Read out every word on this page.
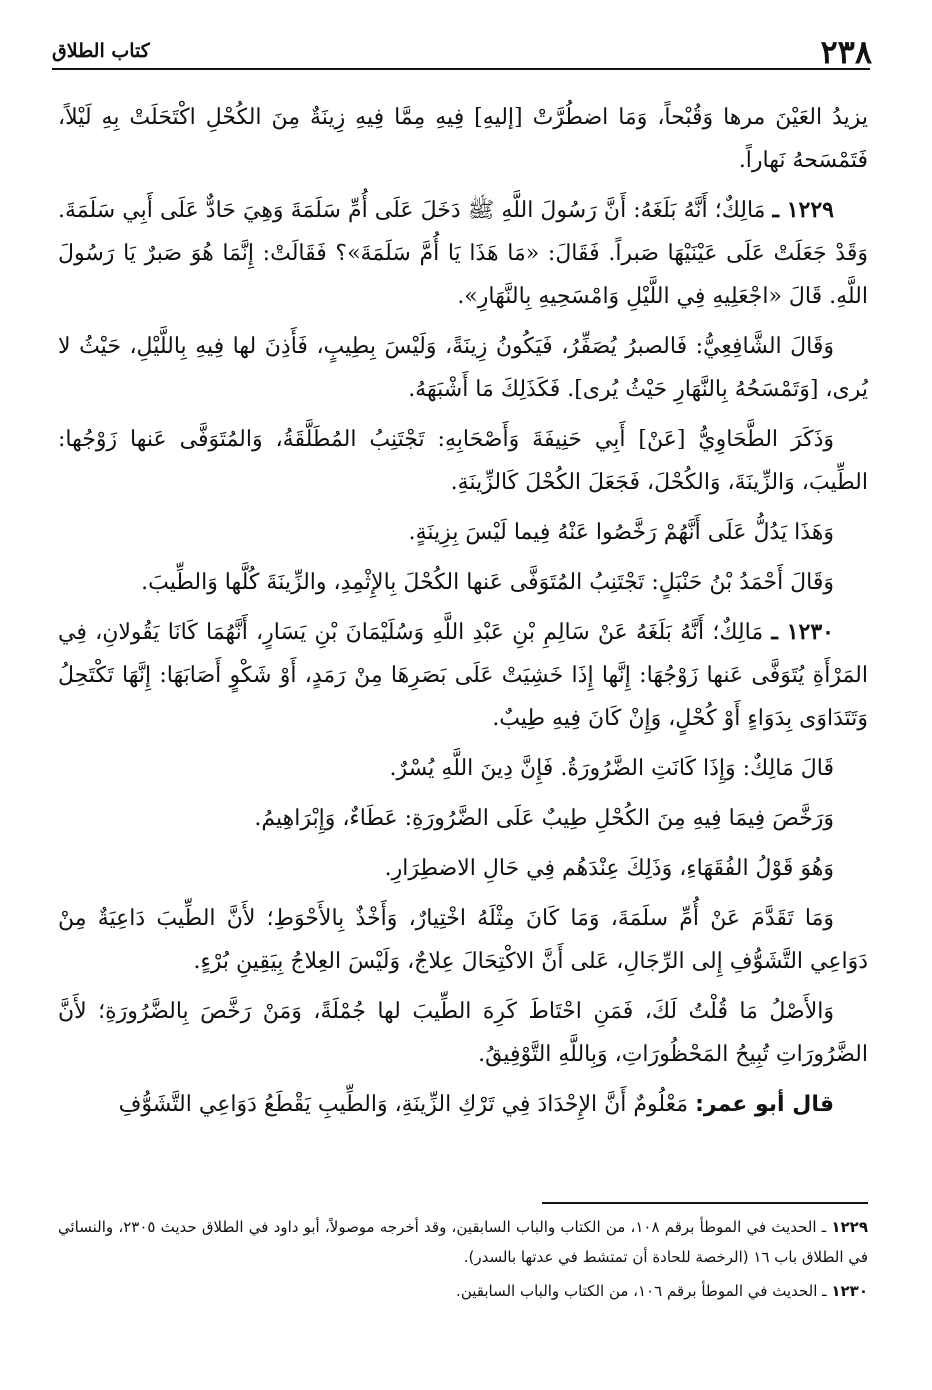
٢٣٨
كتاب الطلاق

يزيدُ العَيْنَ مرها وَقُبْحاً، وَمَا اضطُرَّتْ [إليهِ] فِيهِ مِمَّا فِيهِ زِينَةٌ مِنَ الكُحْلِ اكْتَحَلَتْ بِهِ لَيْلاً، فَتَمْسَحهُ نَهاراً.

١٢٢٩ ـ مَالِكٌ؛ أَنَّهُ بَلَغَهُ: أَنَّ رَسُولَ اللَّهِ ﷺ دَخَلَ عَلَى أُمِّ سَلَمَةَ وَهِيَ حَادٌّ عَلَى أَبِي سَلَمَةَ. وَقَدْ جَعَلَتْ عَلَى عَيْنَيْهَا صَبراً. فَقَالَ: «مَا هَذَا يَا أُمَّ سَلَمَةَ»؟ فَقَالَتْ: إِنَّمَا هُوَ صَبرٌ يَا رَسُولَ اللَّهِ. قَالَ «اجْعَلِيهِ فِي اللَّيْلِ وَامْسَحِيهِ بِالنَّهَارِ».

وَقَالَ الشَّافِعِيُّ: فَالصبرُ يُصَفِّرُ، فَيَكُونُ زِينَةً، وَلَيْسَ بِطِيبٍ، فَأَذِنَ لها فِيهِ بِاللَّيْلِ، حَيْثُ لا يُرى، [وَتَمْسَحُهُ بِالنَّهَارِ حَيْثُ يُرى]. فَكَذَلِكَ مَا أَشْبَهَهُ.

وَذَكَرَ الطَّحَاوِيُّ [عَنْ] أَبِي حَنِيفَةَ وَأَصْحَابِهِ: تَجْتَنِبُ المُطَلَّقَةُ، وَالمُتَوَفَّى عَنها زَوْجُها: الطِّيبَ، وَالزِّينَةَ، وَالكُحْلَ، فَجَعَلَ الكُحْلَ كَالزِّينَةِ.

وَهَذَا يَدُلُّ عَلَى أَنَّهُمْ رَخَّصُوا عَنْهُ فِيما لَيْسَ بِزِينَةٍ.

وَقَالَ أَحْمَدُ بْنُ حَنْبَلٍ: تَجْتَنِبُ المُتَوَفَّى عَنها الكُحْلَ بِالإِثْمِدِ، والزِّينَةَ كُلَّها وَالطِّيبَ.

١٢٣٠ ـ مَالِكٌ؛ أَنَّهُ بَلَغَهُ عَنْ سَالِمِ بْنِ عَبْدِ اللَّهِ وَسُلَيْمَانَ بْنِ يَسَارٍ، أَنَّهُمَا كَانَا يَقُولانِ، فِي المَرْأَةِ يُتَوَفَّى عَنها زَوْجُهَا: إِنَّها إِذَا خَشِيَتْ عَلَى بَصَرِهَا مِنْ رَمَدٍ، أَوْ شَكْوٍ أَصَابَهَا: إِنَّهَا تَكْتَحِلُ وَتَتَدَاوَى بِدَوَاءٍ أَوْ كُحْلٍ، وَإِنْ كَانَ فِيهِ طِيبٌ.

قَالَ مَالِكٌ: وَإِذَا كَانَتِ الضَّرُورَةُ. فَإِنَّ دِينَ اللَّهِ يُسْرٌ.

وَرَخَّصَ فِيمَا فِيهِ مِنَ الكُحْلِ طِيبٌ عَلَى الضَّرُورَةِ: عَطَاءٌ، وَإِبْرَاهِيمُ.

وَهُوَ قَوْلُ الفُقَهَاءِ، وَذَلِكَ عِنْدَهُم فِي حَالِ الاضطِرَارِ.

وَمَا تَقَدَّمَ عَنْ أُمِّ سلَمَةَ، وَمَا كَانَ مِثْلَهُ اخْتِيارٌ، وَأَخْذٌ بِالأَحْوَطِ؛ لأَنَّ الطِّيبَ دَاعِيَةٌ مِنْ دَوَاعِي التَّشَوُّفِ إِلى الرِّجَالِ، عَلى أَنَّ الاكْتِحَالَ عِلاجٌ، وَلَيْسَ العِلاجُ بِيَقِينِ بُرْءٍ.

وَالأَصْلُ مَا قُلْتُ لَكَ، فَمَنِ احْتَاطَ كَرِهَ الطِّيبَ لها جُمْلَةً، وَمَنْ رَخَّصَ بِالضَّرُورَةِ؛ لأَنَّ الضَّرُورَاتِ تُبِيحُ المَحْظُورَاتِ، وَبِاللَّهِ التَّوْفِيقُ.

قال أبو عمر: مَعْلُومٌ أَنَّ الإِحْدَادَ فِي تَرْكِ الزِّينَةِ، وَالطِّيبِ يَقْطَعُ دَوَاعِي التَّشَوُّفِ

١٢٢٩ ـ الحديث في الموطأ برقم ١٠٨، من الكتاب والباب السابقين، وقد أخرجه موصولاً، أبو داود في الطلاق حديث ٢٣٠٥، والنسائي في الطلاق باب ١٦ (الرخصة للحادة أن تمتشط في عدتها بالسدر).

١٢٣٠ ـ الحديث في الموطأ برقم ١٠٦، من الكتاب والباب السابقين.
